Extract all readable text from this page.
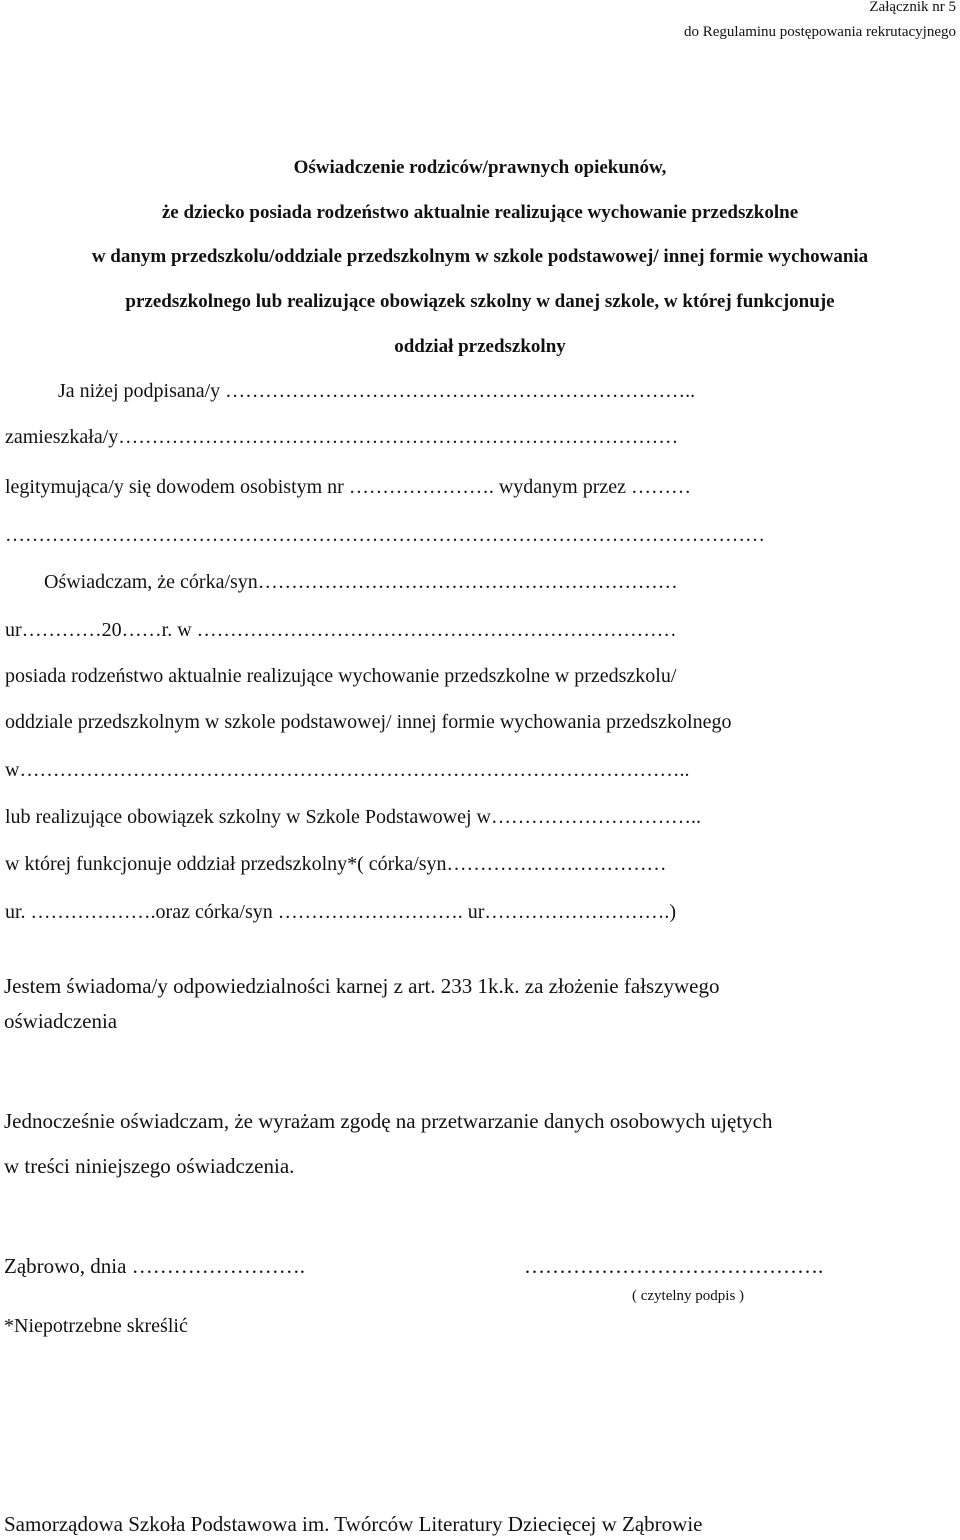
Załącznik nr 5
do Regulaminu postępowania rekrutacyjnego
Oświadczenie rodziców/prawnych opiekunów,
że dziecko posiada rodzeństwo aktualnie realizujące wychowanie przedszkolne
w danym przedszkolu/oddziale przedszkolnym w szkole podstawowej/ innej formie wychowania
przedszkolnego lub realizujące obowiązek szkolny w danej szkole, w której funkcjonuje
oddział przedszkolny
Ja niżej podpisana/y ……………………………………………………………..
zamieszkała/y…………………………………………………………………………
legitymująca/y się dowodem osobistym nr …………………. wydanym przez ………
……………………………………………………………………………………………………
Oświadczam, że córka/syn………………………………………………………
ur…………20……r. w ………………………………………………………………
posiada rodzeństwo aktualnie realizujące wychowanie przedszkolne w przedszkolu/
oddziale przedszkolnym w szkole podstawowej/ innej formie wychowania przedszkolnego
w………………………………………………………………………………………..
lub realizujące obowiązek szkolny w Szkole Podstawowej w…………………………..
w której funkcjonuje oddział przedszkolny*( córka/syn……………………………
ur. ……………….oraz córka/syn ………………………. ur……………………….)
Jestem świadoma/y odpowiedzialności karnej z art. 233 1k.k. za złożenie fałszywego
oświadczenia
Jednocześnie oświadczam, że wyrażam zgodę na przetwarzanie danych osobowych ujętych
w treści niniejszego oświadczenia.
Ząbrowo, dnia …………………….	…………………………………….
( czytelny podpis )
*Niepotrzebne skreślić
Samorządowa Szkoła Podstawowa im. Twórców Literatury Dziecięcej w Ząbrowie
